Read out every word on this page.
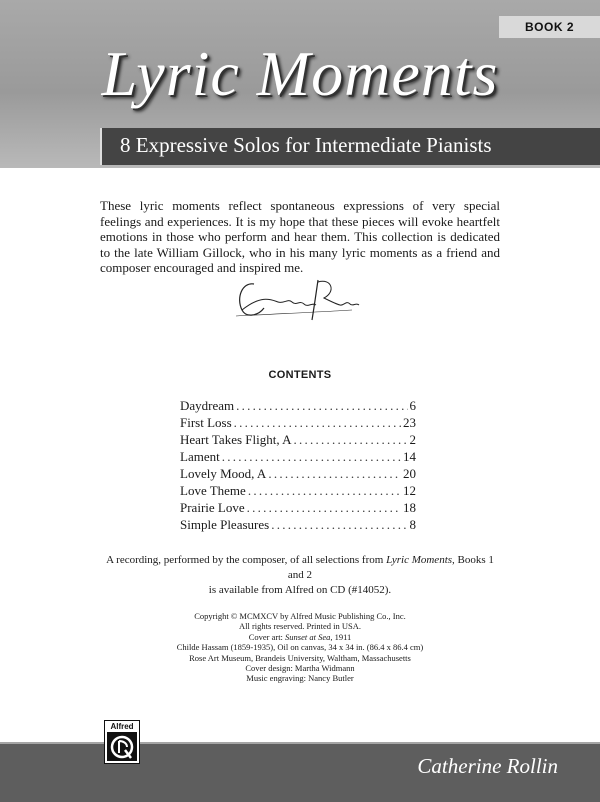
BOOK 2
Lyric Moments
8 Expressive Solos for Intermediate Pianists

These lyric moments reflect spontaneous expressions of very special feelings and experiences. It is my hope that these pieces will evoke heartfelt emotions in those who perform and hear them. This collection is dedicated to the late William Gillock, who in his many lyric moments as a friend and composer encouraged and inspired me.

CONTENTS
Daydream . . .	6
First Loss . . .	23
Heart Takes Flight, A . . .	2
Lament . . .	14
Lovely Mood, A . . .	20
Love Theme . . .	12
Prairie Love . . .	18
Simple Pleasures . . .	8
A recording, performed by the composer, of all selections from Lyric Moments, Books 1 and 2
is available from Alfred on CD (#14052).
Copyright © MCMXCV by Alfred Music Publishing Co., Inc.
All rights reserved. Printed in USA.
Cover art: Sunset at Sea, 1911
Childe Hassam (1859-1935), Oil on canvas, 34 x 34 in. (86.4 x 86.4 cm)
Rose Art Museum, Brandeis University, Waltham, Massachusetts
Cover design: Martha Widmann
Music engraving: Nancy Butler
Catherine Rollin
Alfred
